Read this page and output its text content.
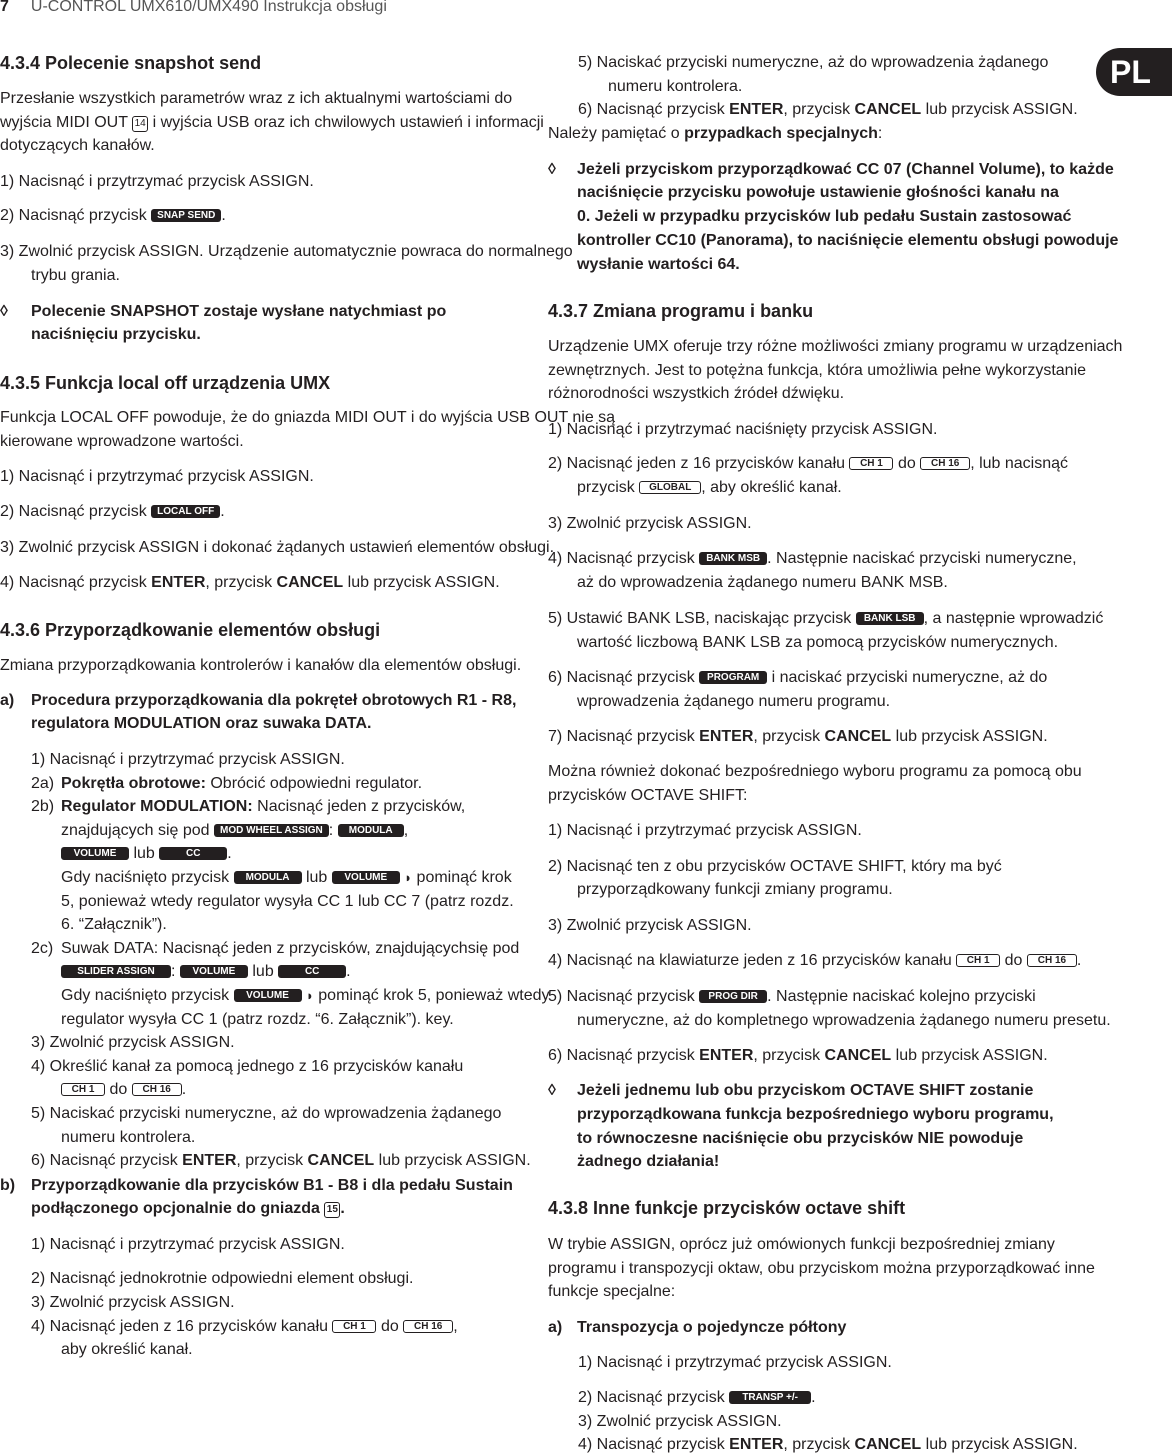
7 U-CONTROL UMX610/UMX490 Instrukcja obsługi
PL
4.3.4 Polecenie snapshot send
Przesłanie wszystkich parametrów wraz z ich aktualnymi wartościami do
wyjścia MIDI OUT 14 i wyjścia USB oraz ich chwilowych ustawień i informacji
dotyczących kanałów.
1) Nacisnąć i przytrzymać przycisk ASSIGN.
2) Nacisnąć przycisk SNAP SEND .
3) Zwolnić przycisk ASSIGN. Urządzenie automatycznie powraca do normalnego
trybu grania.
◊ Polecenie SNAPSHOT zostaje wysłane natychmiast po
naciśnięciu przycisku.
4.3.5 Funkcja local off urządzenia UMX
Funkcja LOCAL OFF powoduje, że do gniazda MIDI OUT i do wyjścia USB OUT nie są
kierowane wprowadzone wartości.
1) Nacisnąć i przytrzymać przycisk ASSIGN.
2) Nacisnąć przycisk LOCAL OFF .
3) Zwolnić przycisk ASSIGN i dokonać żądanych ustawień elementów obsługi.
4) Nacisnąć przycisk ENTER, przycisk CANCEL lub przycisk ASSIGN.
4.3.6 Przyporządkowanie elementów obsługi
Zmiana przyporządkowania kontrolerów i kanałów dla elementów obsługi.
a) Procedura przyporządkowania dla pokręteł obrotowych R1 - R8,
regulatora MODULATION oraz suwaka DATA.
1) Nacisnąć i przytrzymać przycisk ASSIGN.
2a) Pokrętła obrotowe: Obrócić odpowiedni regulator.
2b) Regulator MODULATION: Nacisnąć jeden z przycisków,
znajdujących się pod MOD WHEEL ASSIGN : MODULA ,
VOLUME lub	CC .
Gdy naciśnięto przycisk MODULA lub VOLUME ◗ pominąć krok
5, ponieważ wtedy regulator wysyła CC 1 lub CC 7 (patrz rozdz.
6. “Załącznik”).
2c) Suwak DATA: Nacisnąć jeden z przycisków, znajdującychsię pod
SLIDER ASSIGN : VOLUME lub	CC .
Gdy naciśnięto przycisk VOLUME ◗ pominąć krok 5, ponieważ wtedy
regulator wysyła CC 1 (patrz rozdz. “6. Załącznik”). key.
3) Zwolnić przycisk ASSIGN.
4) Określić kanał za pomocą jednego z 16 przycisków kanału
CH 1 do CH 16 .
5) Naciskać przyciski numeryczne, aż do wprowadzenia żądanego
numeru kontrolera.
6) Nacisnąć przycisk ENTER, przycisk CANCEL lub przycisk ASSIGN.
b) Przyporządkowanie dla przycisków B1 - B8 i dla pedału Sustain
podłączonego opcjonalnie do gniazda 15 .
1) Nacisnąć i przytrzymać przycisk ASSIGN.
2) Nacisnąć jednokrotnie odpowiedni element obsługi.
3) Zwolnić przycisk ASSIGN.
4) Nacisnąć jeden z 16 przycisków kanału CH 1 do CH 16 ,
aby określić kanał.
5) Naciskać przyciski numeryczne, aż do wprowadzenia żądanego
numeru kontrolera.
6) Nacisnąć przycisk ENTER, przycisk CANCEL lub przycisk ASSIGN.
Należy pamiętać o przypadkach specjalnych:
◊ Jeżeli przyciskom przyporządkować CC 07 (Channel Volume), to każde
naciśnięcie przycisku powołuje ustawienie głośności kanału na
0. Jeżeli w przypadku przycisków lub pedału Sustain zastosować
kontroller CC10 (Panorama), to naciśnięcie elementu obsługi powoduje
wysłanie wartości 64.
4.3.7 Zmiana programu i banku
Urządzenie UMX oferuje trzy różne możliwości zmiany programu w urządzeniach
zewnętrznych. Jest to potężna funkcja, która umożliwia pełne wykorzystanie
różnorodności wszystkich źródeł dźwięku.
1) Nacisnąć i przytrzymać naciśnięty przycisk ASSIGN.
2) Nacisnąć jeden z 16 przycisków kanału CH 1 do CH 16 , lub nacisnąć
przycisk GLOBAL , aby określić kanał.
3) Zwolnić przycisk ASSIGN.
4) Nacisnąć przycisk BANK MSB . Następnie naciskać przyciski numeryczne,
aż do wprowadzenia żądanego numeru BANK MSB.
5) Ustawić BANK LSB, naciskając przycisk BANK LSB , a następnie wprowadzić
wartość liczbową BANK LSB za pomocą przycisków numerycznych.
6) Nacisnąć przycisk PROGRAM i naciskać przyciski numeryczne, aż do
wprowadzenia żądanego numeru programu.
7) Nacisnąć przycisk ENTER, przycisk CANCEL lub przycisk ASSIGN.
Można również dokonać bezpośredniego wyboru programu za pomocą obu
przycisków OCTAVE SHIFT:
1) Nacisnąć i przytrzymać przycisk ASSIGN.
2) Nacisnąć ten z obu przycisków OCTAVE SHIFT, który ma być
przyporządkowany funkcji zmiany programu.
3) Zwolnić przycisk ASSIGN.
4) Nacisnąć na klawiaturze jeden z 16 przycisków kanału CH 1 do CH 16 .
5) Nacisnąć przycisk PROG DIR . Następnie naciskać kolejno przyciski
numeryczne, aż do kompletnego wprowadzenia żądanego numeru presetu.
6) Nacisnąć przycisk ENTER, przycisk CANCEL lub przycisk ASSIGN.
◊ Jeżeli jednemu lub obu przyciskom OCTAVE SHIFT zostanie
przyporządkowana funkcja bezpośredniego wyboru programu,
to równoczesne naciśnięcie obu przycisków NIE powoduje
żadnego działania!
4.3.8 Inne funkcje przycisków octave shift
W trybie ASSIGN, oprócz już omówionych funkcji bezpośredniej zmiany
programu i transpozycji oktaw, obu przyciskom można przyporządkować inne
funkcje specjalne:
a) Transpozycja o pojedyncze półtony
1) Nacisnąć i przytrzymać przycisk ASSIGN.
2) Nacisnąć przycisk TRANSP +/- .
3) Zwolnić przycisk ASSIGN.
4) Nacisnąć przycisk ENTER, przycisk CANCEL lub przycisk ASSIGN.
